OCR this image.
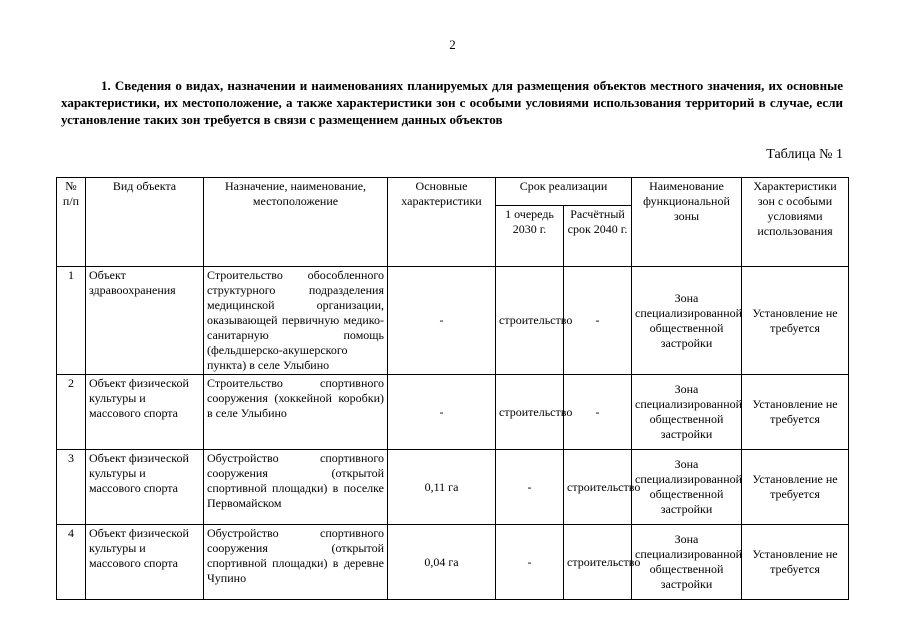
2
1. Сведения о видах, назначении и наименованиях планируемых для размещения объектов местного значения, их основные характеристики, их местоположение, а также характеристики зон с особыми условиями использования территорий в случае, если установление таких зон требуется в связи с размещением данных объектов
Таблица № 1
№ п/п	Вид объекта	Назначение, наименование, местоположение	Основные характеристики	Срок реализации		Наименование функциональной зоны	Характеристики зон с особыми условиями использования
				1 очередь 2030 г.	Расчётный срок 2040 г.		
1	Объект здравоохранения	Строительство обособленного структурного подразделения медицинской организации, оказывающей первичную медико-санитарную помощь (фельдшерско-акушерского пункта) в селе Улыбино	-	строительство	-	Зона специализированной общественной застройки	Установление не требуется
2	Объект физической культуры и массового спорта	Строительство спортивного сооружения (хоккейной коробки) в селе Улыбино	-	строительство	-	Зона специализированной общественной застройки	Установление не требуется
3	Объект физической культуры и массового спорта	Обустройство спортивного сооружения (открытой спортивной площадки) в поселке Первомайском	0,11 га	-	строительство	Зона специализированной общественной застройки	Установление не требуется
4	Объект физической культуры и массового спорта	Обустройство спортивного сооружения (открытой спортивной площадки) в деревне Чупино	0,04 га	-	строительство	Зона специализированной общественной застройки	Установление не требуется
